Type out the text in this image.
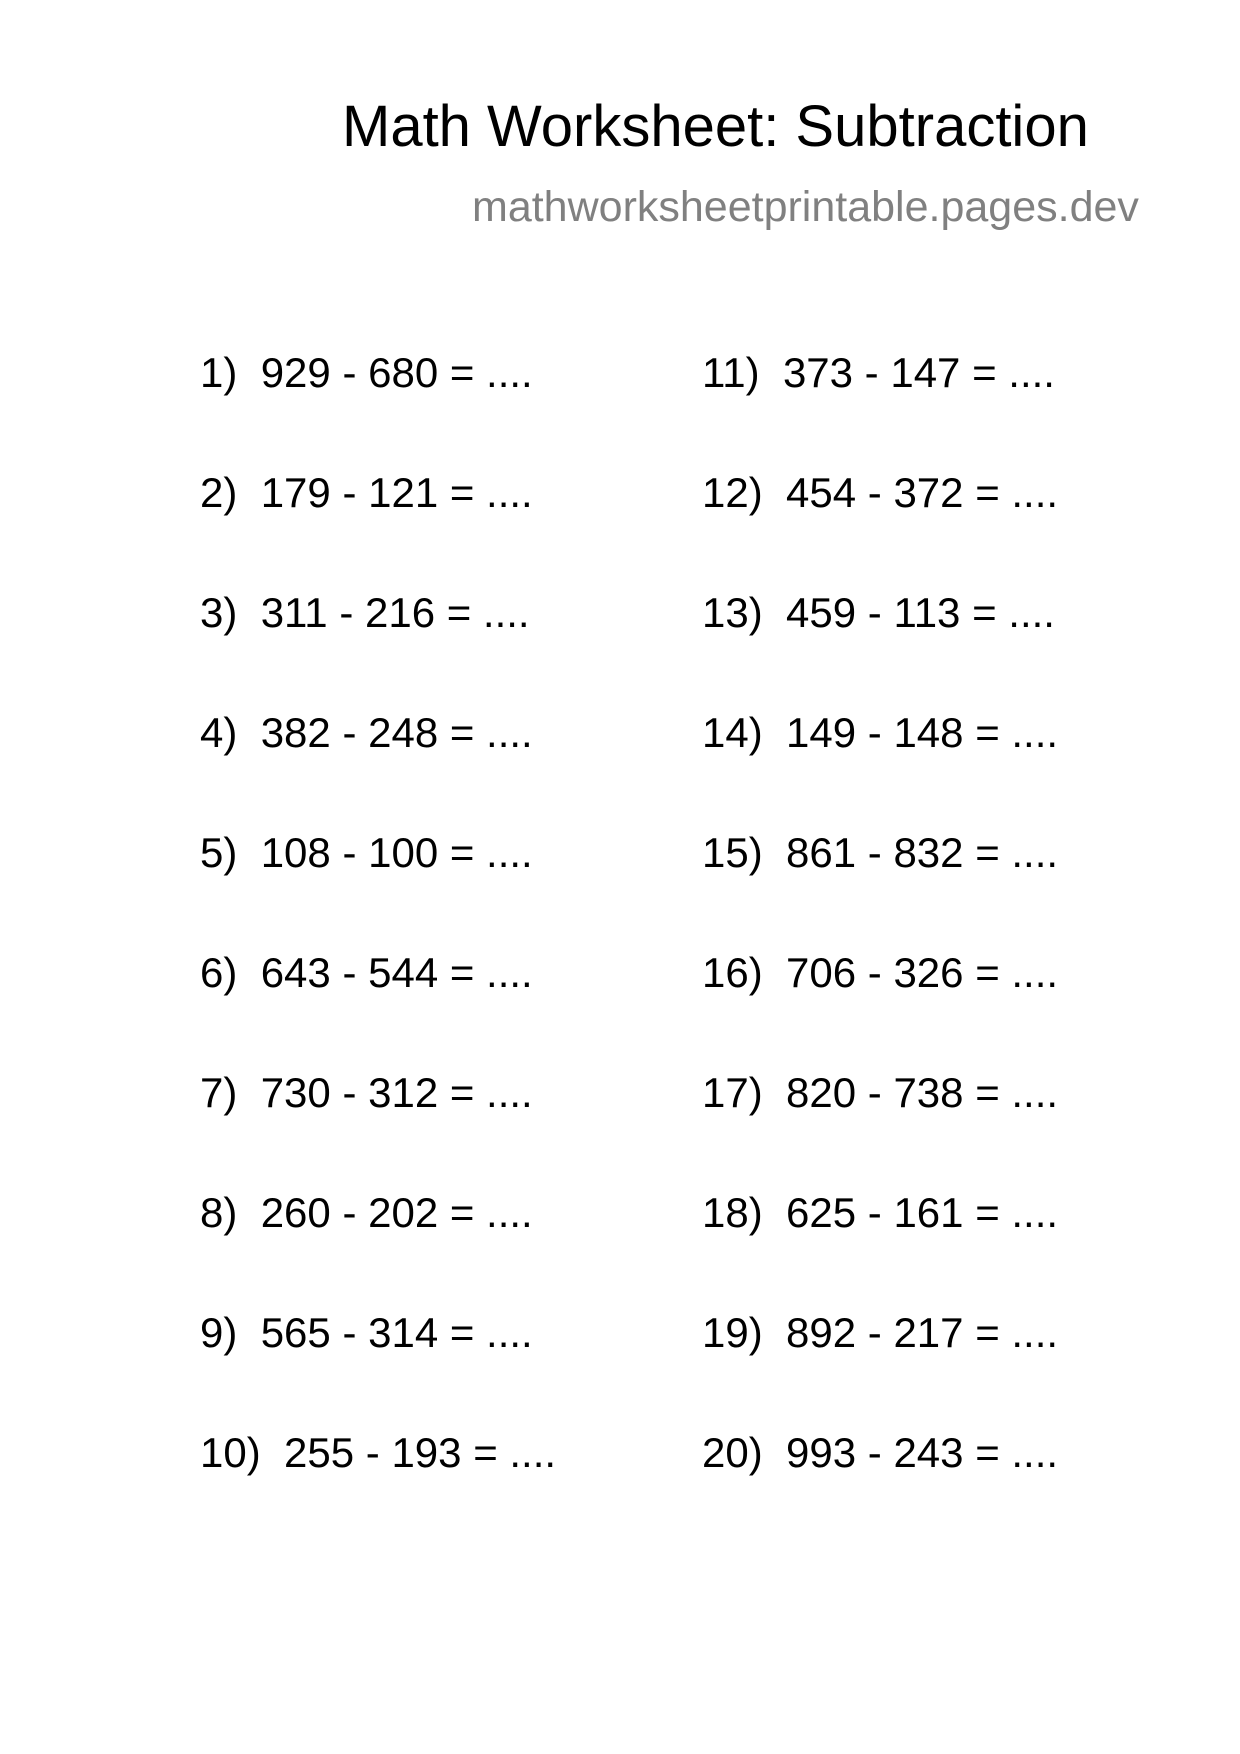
Math Worksheet: Subtraction
mathworksheetprintable.pages.dev
1) 929 - 680 = ....
2) 179 - 121 = ....
3) 311 - 216 = ....
4) 382 - 248 = ....
5) 108 - 100 = ....
6) 643 - 544 = ....
7) 730 - 312 = ....
8) 260 - 202 = ....
9) 565 - 314 = ....
10) 255 - 193 = ....
11) 373 - 147 = ....
12) 454 - 372 = ....
13) 459 - 113 = ....
14) 149 - 148 = ....
15) 861 - 832 = ....
16) 706 - 326 = ....
17) 820 - 738 = ....
18) 625 - 161 = ....
19) 892 - 217 = ....
20) 993 - 243 = ....
